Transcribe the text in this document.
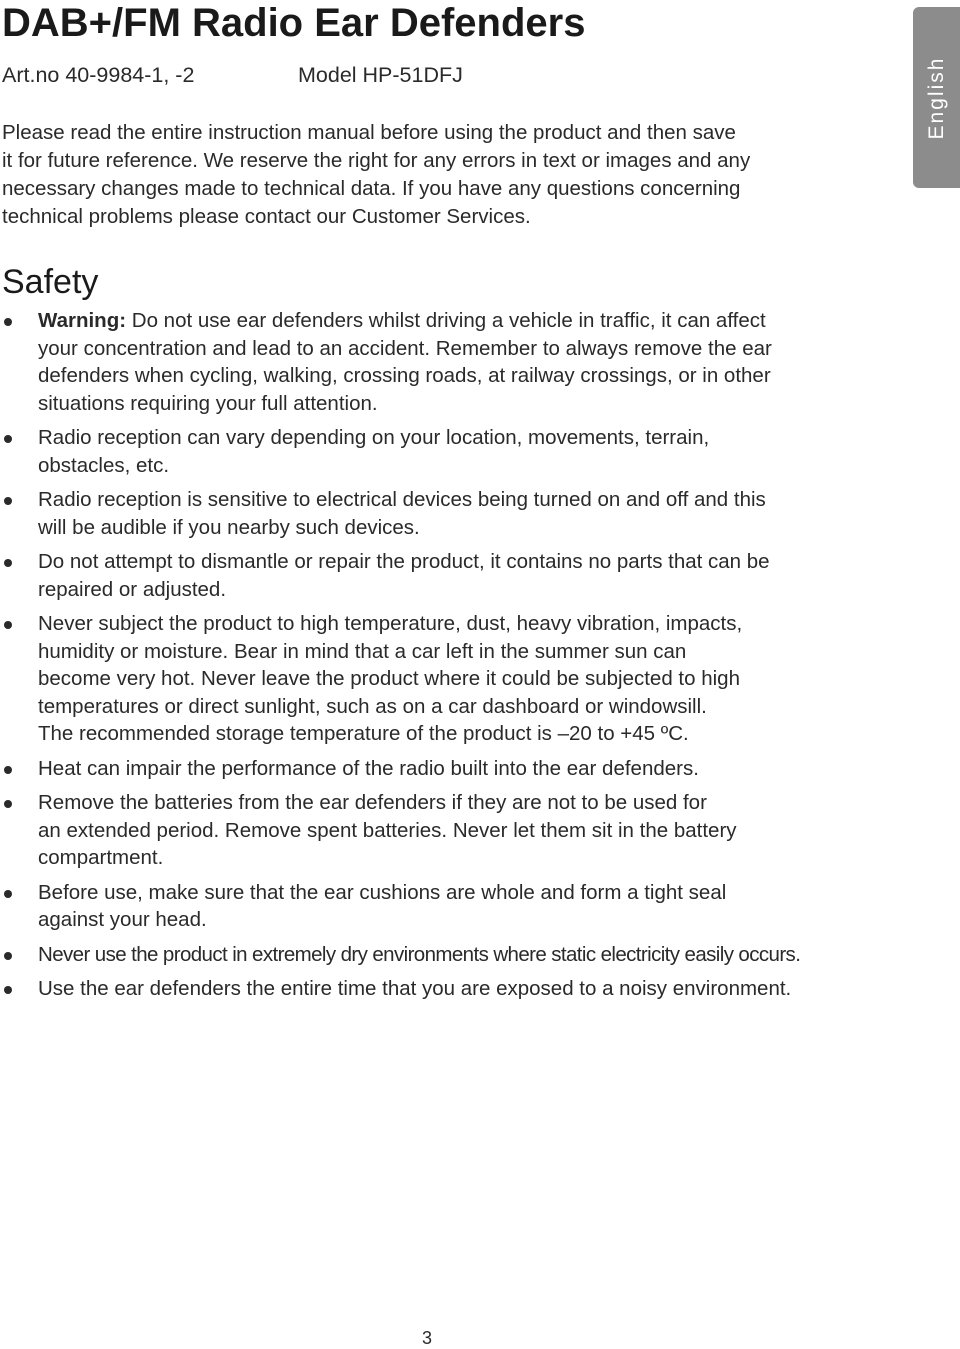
DAB+/FM Radio Ear Defenders
Art.no 40-9984-1, -2	Model HP-51DFJ	English
Please read the entire instruction manual before using the product and then save
it for future reference. We reserve the right for any errors in text or images and any
necessary changes made to technical data. If you have any questions concerning
technical problems please contact our Customer Services.
Safety
Warning: Do not use ear defenders whilst driving a vehicle in traffic, it can affect
your concentration and lead to an accident. Remember to always remove the ear
defenders when cycling, walking, crossing roads, at railway crossings, or in other
situations requiring your full attention.
Radio reception can vary depending on your location, movements, terrain,
obstacles, etc.
Radio reception is sensitive to electrical devices being turned on and off and this
will be audible if you nearby such devices.
Do not attempt to dismantle or repair the product, it contains no parts that can be
repaired or adjusted.
Never subject the product to high temperature, dust, heavy vibration, impacts,
humidity or moisture. Bear in mind that a car left in the summer sun can
become very hot. Never leave the product where it could be subjected to high
temperatures or direct sunlight, such as on a car dashboard or windowsill.
The recommended storage temperature of the product is –20 to +45 ºC.
Heat can impair the performance of the radio built into the ear defenders.
Remove the batteries from the ear defenders if they are not to be used for
an extended period. Remove spent batteries. Never let them sit in the battery
compartment.
Before use, make sure that the ear cushions are whole and form a tight seal
against your head.
Never use the product in extremely dry environments where static electricity easily occurs.
Use the ear defenders the entire time that you are exposed to a noisy environment.
3
